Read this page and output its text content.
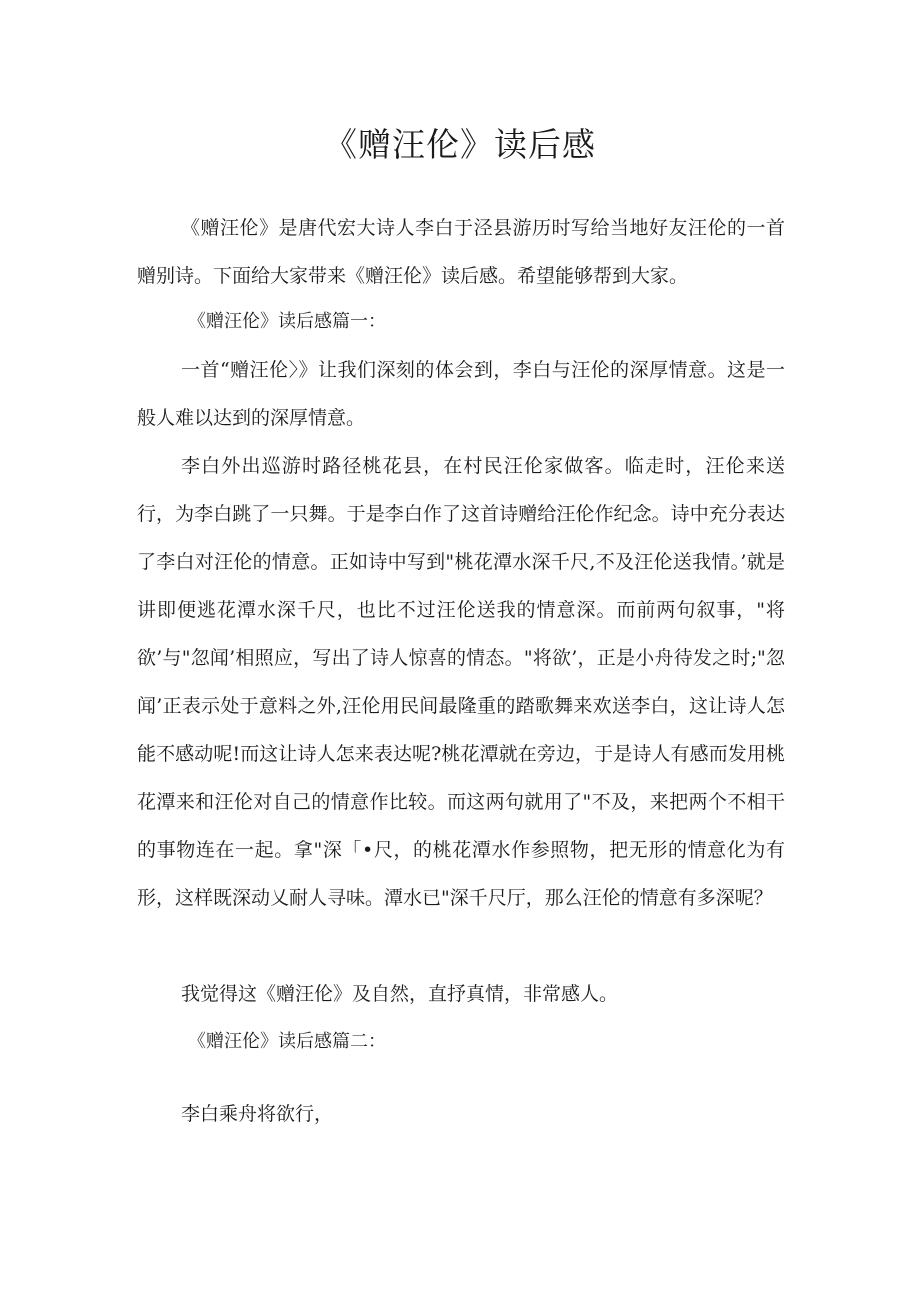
《赠汪伦》读后感

《赠汪伦》是唐代宏大诗人李白于泾县游历时写给当地好友汪伦的一首赠别诗。下面给大家带来《赠汪伦》读后感。希望能够帮到大家。

《赠汪伦》读后感篇一：

一首“赠汪伦〉》让我们深刻的体会到，李白与汪伦的深厚情意。这是一般人难以达到的深厚情意。

李白外出巡游时路径桃花县，在村民汪伦家做客。临走时，汪伦来送行，为李白跳了一只舞。于是李白作了这首诗赠给汪伦作纪念。诗中充分表达了李白对汪伦的情意。正如诗中写到"桃花潭水深千尺,不及汪伦送我情。’就是讲即便逃花潭水深千尺，也比不过汪伦送我的情意深。而前两句叙事，"将欲’与"忽闻’相照应，写出了诗人惊喜的情态。"将欲’，正是小舟待发之时;"忽闻’正表示处于意料之外,汪伦用民间最隆重的踏歌舞来欢送李白，这让诗人怎能不感动呢!而这让诗人怎来表达呢?桃花潭就在旁边，于是诗人有感而发用桃花潭来和汪伦对自己的情意作比较。而这两句就用了"不及，来把两个不相干的事物连在一起。拿"深「•尺，的桃花潭水作参照物，把无形的情意化为有形，这样既深动乂耐人寻味。潭水已"深千尺厅，那么汪伦的情意有多深呢？

我觉得这《赠汪伦》及自然，直抒真情，非常感人。

《赠汪伦》读后感篇二：

李白乘舟将欲行，
